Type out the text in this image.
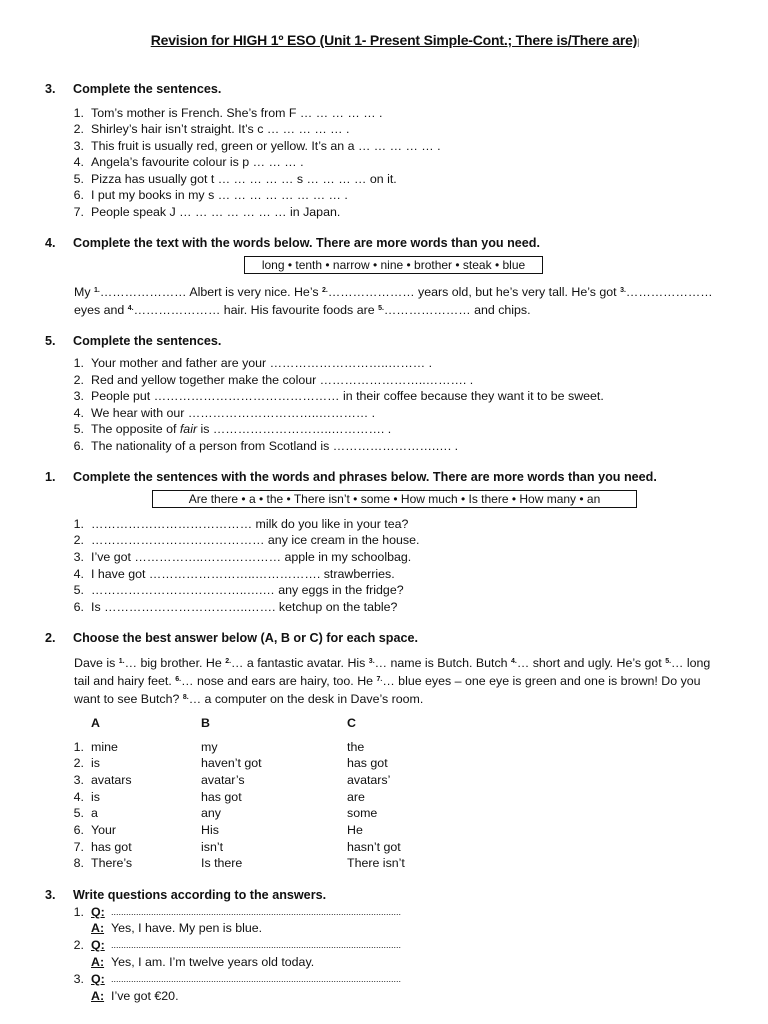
Revision for HIGH 1º ESO (Unit 1- Present Simple-Cont.; There is/There are)|
3.	Complete the sentences.
1. Tom’s mother is French. She’s from F … … … … … .
2. Shirley’s hair isn’t straight. It’s c … … … … … .
3. This fruit is usually red, green or yellow. It’s an a … … … … … .
4. Angela’s favourite colour is p … … … .
5. Pizza has usually got t … … … … … s … … … … on it.
6. I put my books in my s … … … … … … … … .
7. People speak J … … … … … … … in Japan.
4.	Complete the text with the words below. There are more words than you need.
long • tenth • narrow • nine • brother • steak • blue
My $^{1.}$………………… Albert is very nice. He’s $^{2.}$………………… years old, but he’s very tall. He’s got $^{3.}$…………………
eyes and $^{4.}$………………… hair. His favourite foods are $^{5.}$………………… and chips.
5.	Complete the sentences.
1. Your mother and father are your ………………………..……… .
2. Red and yellow together make the colour ……………………..………. .
3. People put ……………………………………… in their coffee because they want it to be sweet.
4. We hear with our …………………………..………… .
5. The opposite of fair is ………………………..…………. .
6. The nationality of a person from Scotland is …………………….…. .
1.	Complete the sentences with the words and phrases below. There are more words than you need.
Are there • a • the • There isn’t • some • How much • Is there • How many • an
1. ………………………………… milk do you like in your tea?
2. …………………………………… any ice cream in the house.
3. I’ve got ……………..…….………… apple in my schoolbag.
4. I have got ……………………..……………. strawberries.
5. ………………………………..….… any eggs in the fridge?
6. Is ……………………………..……. ketchup on the table?
2.	Choose the best answer below (A, B or C) for each space.
Dave is $^{1.}$… big brother. He $^{2.}$… a fantastic avatar. His $^{3.}$… name is Butch. Butch $^{4.}$… short and ugly. He’s got $^{5.}$… long
tail and hairy feet. $^{6.}$… nose and ears are hairy, too. He $^{7.}$… blue eyes – one eye is green and one is brown! Do you
want to see Butch? $^{8.}$… a computer on the desk in Dave’s room.
A	B	C
1. mine	my	the
2. is	haven’t got	has got
3. avatars	avatar’s	avatars’
4. is	has got	are
5. a	any	some
6. Your	His	He
7. has got	isn’t	hasn’t got
8. There’s	Is there	There isn’t
3.	Write questions according to the answers.
1. Q: ....................................................................................................................
A: Yes, I have. My pen is blue.
2. Q: ....................................................................................................................
A: Yes, I am. I’m twelve years old today.
3. Q: ....................................................................................................................
A: I’ve got €20.
